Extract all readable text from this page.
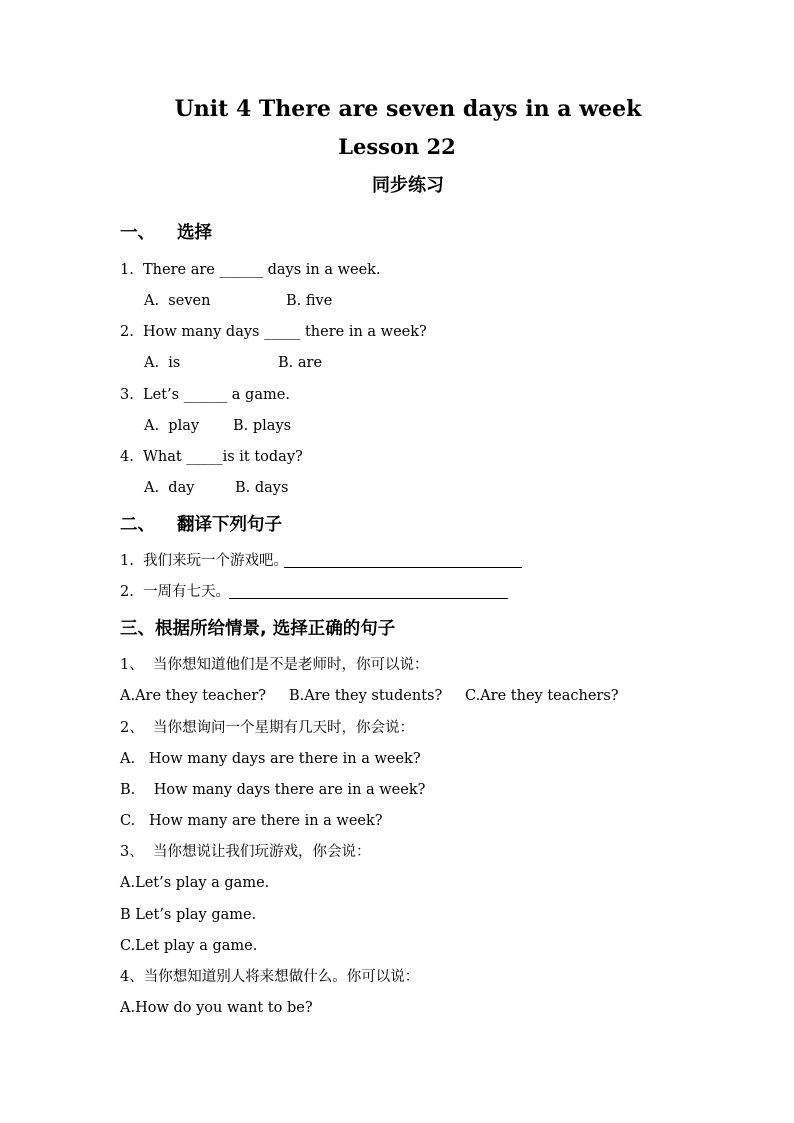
Unit 4 There are seven days in a week
Lesson 22
同步练习
一、 选择
1. There are ______ days in a week.
A.  seven	B. five
2. How many days _____ there in a week?
A.  is	B. are
3. Let’s ______ a game.
A.  play B. plays
4. What _____is it today?
A.  day	B. days
二、 翻译下列句子
1. 我们来玩一个游戏吧。
2. 一周有七天。
三、根据所给情景, 选择正确的句子
1、  当你想知道他们是不是老师时，你可以说：
A.Are they teacher? B.Are they students? C.Are they teachers?
2、  当你想询问一个星期有几天时，你会说：
A.   How many days are there in a week?
B.    How many days there are in a week?
C.   How many are there in a week?
3、  当你想说让我们玩游戏，你会说：
A.Let’s play a game.
B Let’s play game.
C.Let play a game.
4、当你想知道别人将来想做什么。你可以说：
A.How do you want to be?
